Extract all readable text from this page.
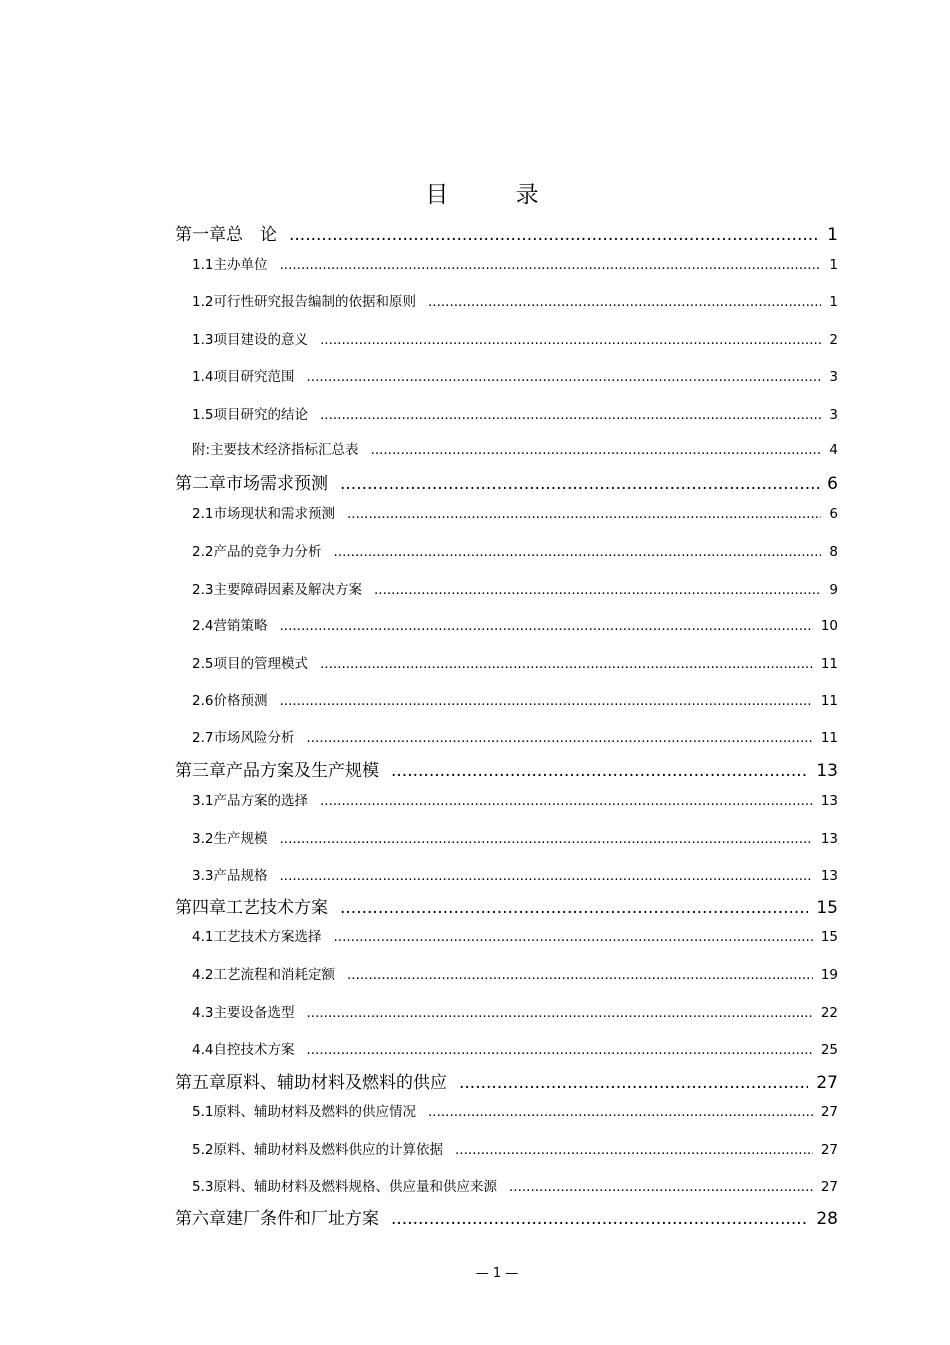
目 录
第一章 总　论 .....	1
1.1 主办单位 .....	1
1.2 可行性研究报告编制的依据和原则 .....	1
1.3 项目建设的意义 .....	2
1.4 项目研究范围 .....	3
1.5 项目研究的结论 .....	3
附: 主要技术经济指标汇总表 .....	4
第二章 市场需求预测 .....	6
2.1 市场现状和需求预测 .....	6
2.2 产品的竞争力分析 .....	8
2.3 主要障碍因素及解决方案 .....	9
2.4 营销策略 .....	10
2.5 项目的管理模式 .....	11
2.6 价格预测 .....	11
2.7 市场风险分析 .....	11
第三章 产品方案及生产规模 .....	13
3.1 产品方案的选择 .....	13
3.2 生产规模 .....	13
3.3 产品规格 .....	13
第四章 工艺技术方案 .....	15
4.1 工艺技术方案选择 .....	15
4.2 工艺流程和消耗定额 .....	19
4.3 主要设备选型 .....	22
4.4 自控技术方案 .....	25
第五章 原料、辅助材料及燃料的供应 .....	27
5.1 原料、辅助材料及燃料的供应情况 .....	27
5.2 原料、辅助材料及燃料供应的计算依据 .....	27
5.3 原料、辅助材料及燃料规格、供应量和供应来源 .....	27
第六章 建厂条件和厂址方案 .....	28
— 1 —
